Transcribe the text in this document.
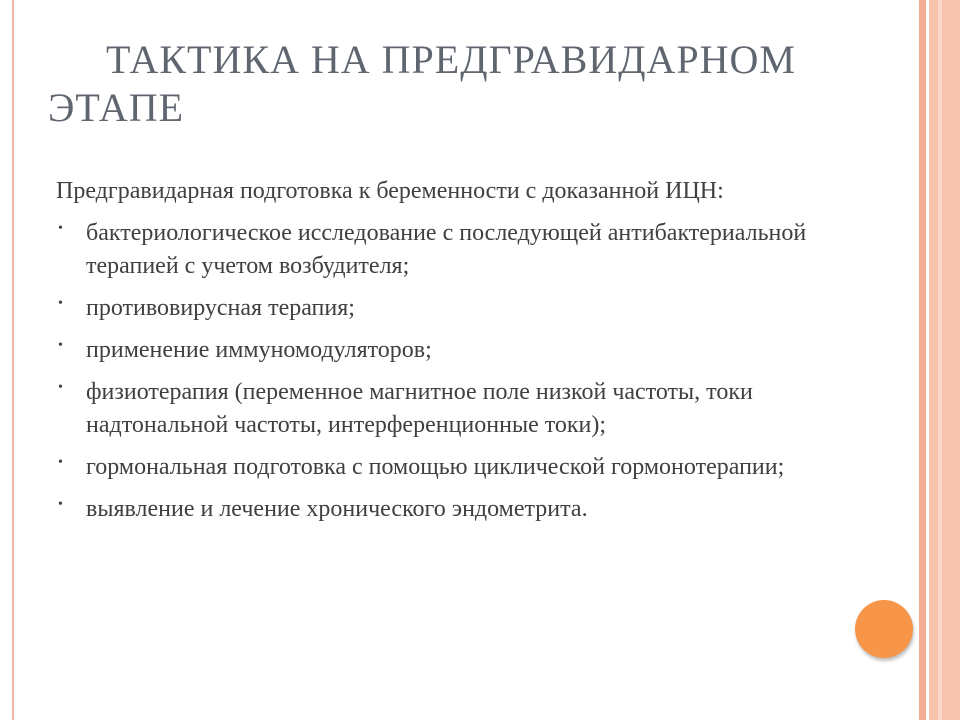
ТАКТИКА НА ПРЕДГРАВИДАРНОМ ЭТАПЕ

Предгравидарная подготовка к беременности с доказанной ИЦН:

• бактериологическое исследование с последующей антибактериальной терапией с учетом возбудителя;
• противовирусная терапия;
• применение иммуномодуляторов;
• физиотерапия (переменное магнитное поле низкой частоты, токи надтональной частоты, интерференционные токи);
• гормональная подготовка с помощью циклической гормонотерапии;
• выявление и лечение хронического эндометрита.
